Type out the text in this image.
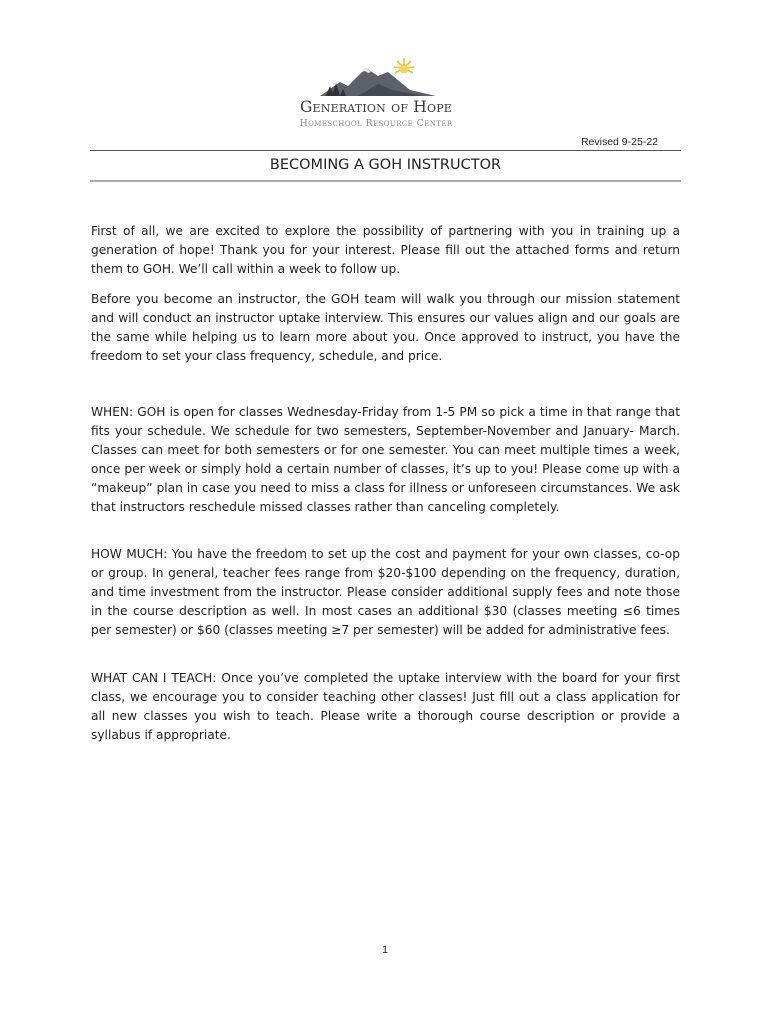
Generation of Hope
Homeschool Resource Center
Revised 9-25-22
BECOMING A GOH INSTRUCTOR

First of all, we are excited to explore the possibility of partnering with you in training up a generation of hope! Thank you for your interest. Please fill out the attached forms and return them to GOH. We’ll call within a week to follow up.

Before you become an instructor, the GOH team will walk you through our mission statement and will conduct an instructor uptake interview. This ensures our values align and our goals are the same while helping us to learn more about you. Once approved to instruct, you have the freedom to set your class frequency, schedule, and price.

WHEN: GOH is open for classes Wednesday-Friday from 1-5 PM so pick a time in that range that fits your schedule. We schedule for two semesters, September-November and January- March. Classes can meet for both semesters or for one semester. You can meet multiple times a week, once per week or simply hold a certain number of classes, it’s up to you! Please come up with a “makeup” plan in case you need to miss a class for illness or unforeseen circumstances. We ask that instructors reschedule missed classes rather than canceling completely.

HOW MUCH: You have the freedom to set up the cost and payment for your own classes, co-op or group. In general, teacher fees range from $20-$100 depending on the frequency, duration, and time investment from the instructor. Please consider additional supply fees and note those in the course description as well. In most cases an additional $30 (classes meeting ≤6 times per semester) or $60 (classes meeting ≥7 per semester) will be added for administrative fees.

WHAT CAN I TEACH: Once you’ve completed the uptake interview with the board for your first class, we encourage you to consider teaching other classes! Just fill out a class application for all new classes you wish to teach. Please write a thorough course description or provide a syllabus if appropriate.

1
